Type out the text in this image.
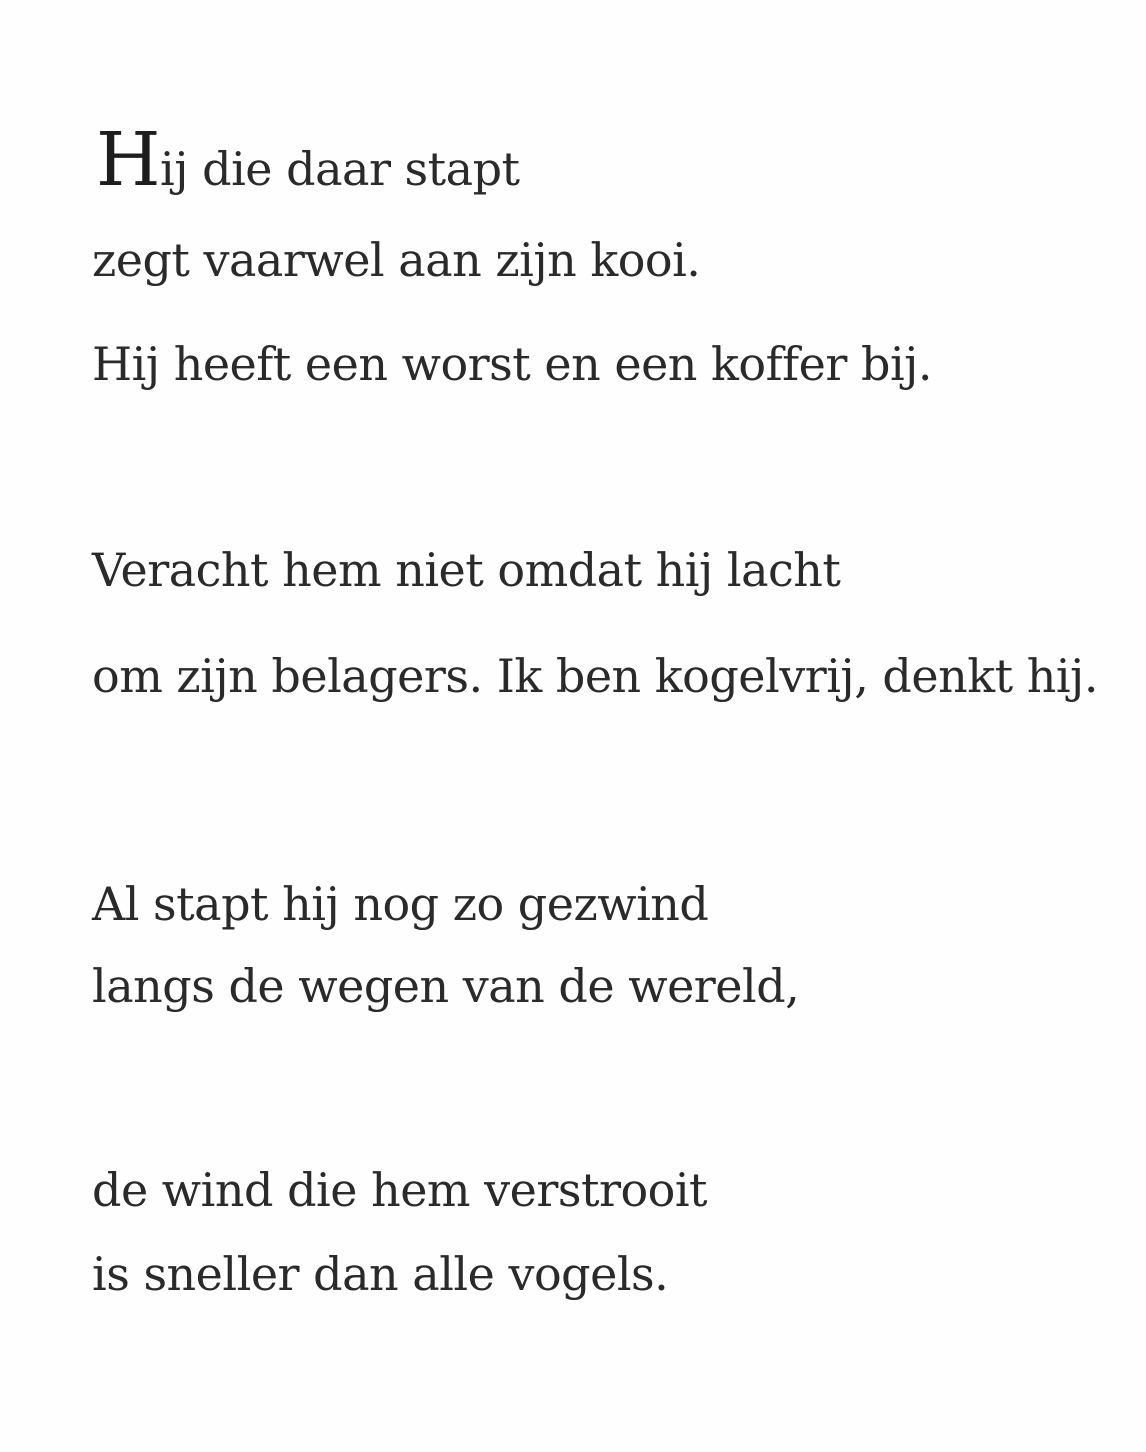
Hij die daar stapt

zegt vaarwel aan zijn kooi.

Hij heeft een worst en een koffer bij.

Veracht hem niet omdat hij lacht

om zijn belagers. Ik ben kogelvrij, denkt hij.

Al stapt hij nog zo gezwind

langs de wegen van de wereld,

de wind die hem verstrooit

is sneller dan alle vogels.
